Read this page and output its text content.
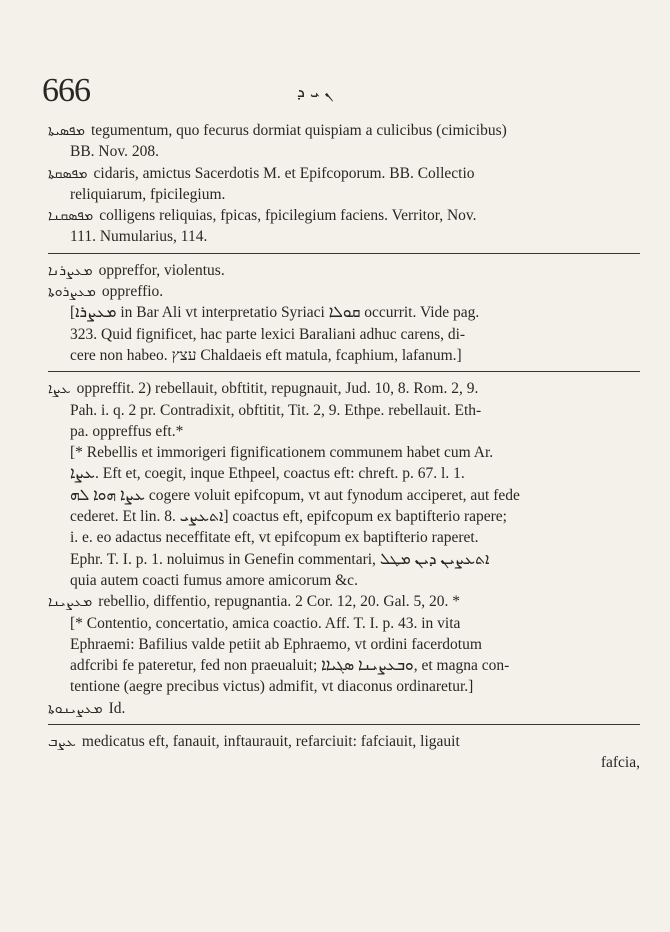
666	ܢ ܝ ܕ
ܡܦܣܝܬܐ tegumentum, quo fecurus dormiat quispiam a culicibus (cimicibus)
BB. Nov. 208.
ܡܦܣܩܬܐ cidaris, amictus Sacerdotis M. et Epifcoporum. BB. Collectio
reliquiarum, fpicilegium.
ܡܦܣܩܢܐ colligens reliquias, fpicas, fpicilegium faciens. Verritor, Nov.
111. Numularius, 114.
ܡܥܨܪܢܐ oppreffor, violentus.
ܡܥܨܪܘܬܐ oppreffio.
[ܡܥܨܪܐ in Bar Ali vt interpretatio Syriaci ܩܘܠܐ occurrit. Vide pag.
323. Quid fignificet, hac parte lexici Baraliani adhuc carens, di-
cere non habeo. עצץ Chaldaeis eft matula, fcaphium, lafanum.]
ܥܨܐ oppreffit. 2) rebellauit, obftitit, repugnauit, Jud. 10, 8. Rom. 2, 9.
Pah. i. q. 2 pr. Contradixit, obftitit, Tit. 2, 9. Ethpe. rebellauit. Eth-
pa. oppreffus eft.*
[* Rebellis et immorigeri fignificationem communem habet cum Ar.
ܥܨܐ. Eft et, coegit, inque Ethpeel, coactus eft: chreft. p. 67. l. 1.
ܥܨܐ ܗܘܐ ܠܗ cogere voluit epifcopum, vt aut fynodum acciperet, aut fede
cederet. Et lin. 8. ܐܬܥܨܝ] coactus eft, epifcopum ex baptifterio rapere;
i. e. eo adactus neceffitate eft, vt epifcopum ex baptifterio raperet.
Ephr. T. I. p. 1. noluimus in Genefin commentari, ܐܬܥܨܝܢ ܕܝܢ ܡܛܠ
quia autem coacti fumus amore amicorum &c.
ܡܥܨܝܢܐ rebellio, diffentio, repugnantia. 2 Cor. 12, 20. Gal. 5, 20. *
[* Contentio, concertatio, amica coactio. Aff. T. I. p. 43. in vita
Ephraemi: Bafilius valde petiit ab Ephraemo, vt ordini facerdotum
adfcribi fe pateretur, fed non praeualuit; ܘܒܥܨܝܢܐ ܣܓܝܐܐ, et magna con-
tentione (aegre precibus victus) admifit, vt diaconus ordinaretur.]
ܡܥܨܝܢܘܬܐ Id.
ܥܨܒ medicatus eft, fanauit, inftaurauit, refarciuit: fafciauit, ligauit
fafcia,
